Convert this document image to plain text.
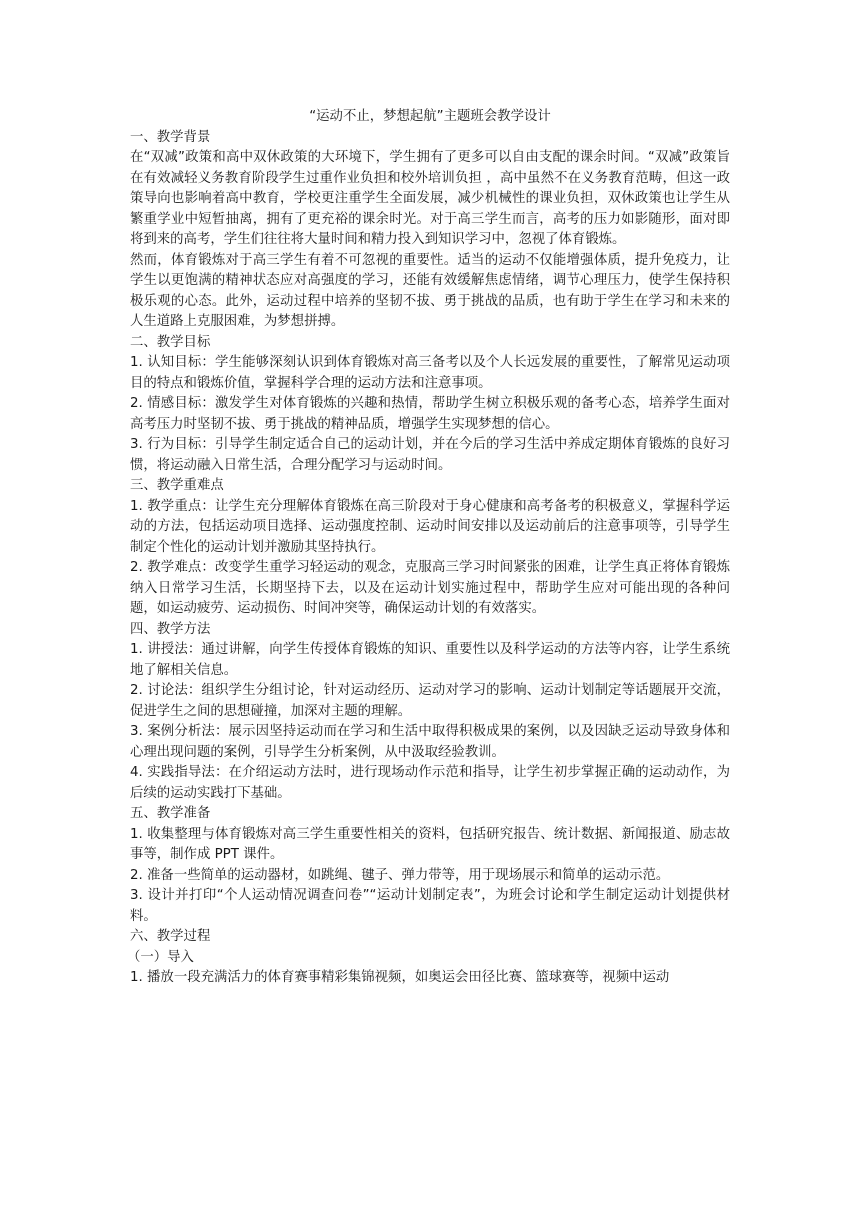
“运动不止，梦想起航”主题班会教学设计

一、教学背景

在“双减”政策和高中双休政策的大环境下，学生拥有了更多可以自由支配的课余时间。“双减”政策旨在有效减轻义务教育阶段学生过重作业负担和校外培训负担 ，高中虽然不在义务教育范畴，但这一政策导向也影响着高中教育，学校更注重学生全面发展，减少机械性的课业负担，双休政策也让学生从繁重学业中短暂抽离，拥有了更充裕的课余时光。对于高三学生而言，高考的压力如影随形，面对即将到来的高考，学生们往往将大量时间和精力投入到知识学习中，忽视了体育锻炼。

然而，体育锻炼对于高三学生有着不可忽视的重要性。适当的运动不仅能增强体质，提升免疫力，让学生以更饱满的精神状态应对高强度的学习，还能有效缓解焦虑情绪，调节心理压力，使学生保持积极乐观的心态。此外，运动过程中培养的坚韧不拔、勇于挑战的品质，也有助于学生在学习和未来的人生道路上克服困难，为梦想拼搏。

二、教学目标

1. 认知目标：学生能够深刻认识到体育锻炼对高三备考以及个人长远发展的重要性，了解常见运动项目的特点和锻炼价值，掌握科学合理的运动方法和注意事项。

2. 情感目标：激发学生对体育锻炼的兴趣和热情，帮助学生树立积极乐观的备考心态，培养学生面对高考压力时坚韧不拔、勇于挑战的精神品质，增强学生实现梦想的信心。

3. 行为目标：引导学生制定适合自己的运动计划，并在今后的学习生活中养成定期体育锻炼的良好习惯，将运动融入日常生活，合理分配学习与运动时间。

三、教学重难点

1. 教学重点：让学生充分理解体育锻炼在高三阶段对于身心健康和高考备考的积极意义，掌握科学运动的方法，包括运动项目选择、运动强度控制、运动时间安排以及运动前后的注意事项等，引导学生制定个性化的运动计划并激励其坚持执行。

2. 教学难点：改变学生重学习轻运动的观念，克服高三学习时间紧张的困难，让学生真正将体育锻炼纳入日常学习生活，长期坚持下去，以及在运动计划实施过程中，帮助学生应对可能出现的各种问题，如运动疲劳、运动损伤、时间冲突等，确保运动计划的有效落实。

四、教学方法

1. 讲授法：通过讲解，向学生传授体育锻炼的知识、重要性以及科学运动的方法等内容，让学生系统地了解相关信息。

2. 讨论法：组织学生分组讨论，针对运动经历、运动对学习的影响、运动计划制定等话题展开交流，促进学生之间的思想碰撞，加深对主题的理解。

3. 案例分析法：展示因坚持运动而在学习和生活中取得积极成果的案例，以及因缺乏运动导致身体和心理出现问题的案例，引导学生分析案例，从中汲取经验教训。

4. 实践指导法：在介绍运动方法时，进行现场动作示范和指导，让学生初步掌握正确的运动动作，为后续的运动实践打下基础。

五、教学准备

1. 收集整理与体育锻炼对高三学生重要性相关的资料，包括研究报告、统计数据、新闻报道、励志故事等，制作成 PPT 课件。

2. 准备一些简单的运动器材，如跳绳、毽子、弹力带等，用于现场展示和简单的运动示范。

3. 设计并打印“个人运动情况调查问卷”“运动计划制定表”，为班会讨论和学生制定运动计划提供材料。

六、教学过程

（一）导入

1. 播放一段充满活力的体育赛事精彩集锦视频，如奥运会田径比赛、篮球赛等，视频中运动
